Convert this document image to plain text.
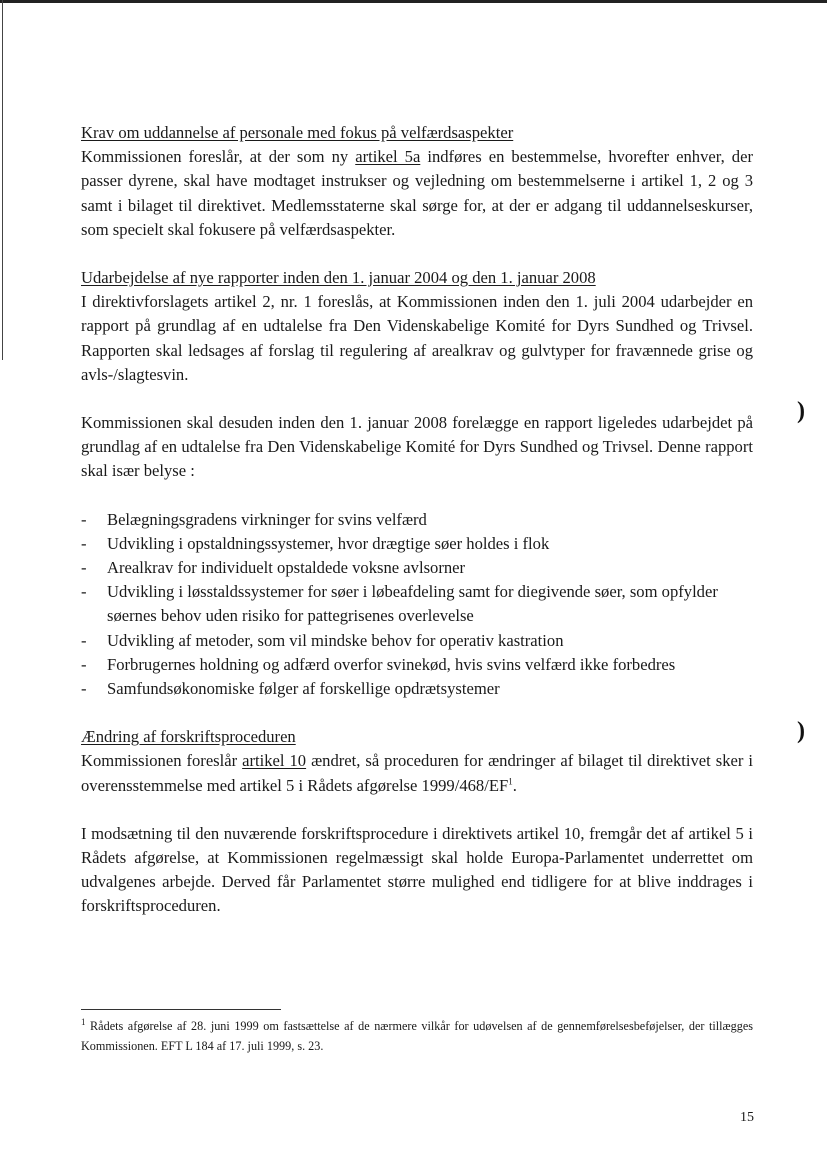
Krav om uddannelse af personale med fokus på velfærdsaspekter

Kommissionen foreslår, at der som ny artikel 5a indføres en bestemmelse, hvorefter enhver, der passer dyrene, skal have modtaget instrukser og vejledning om bestemmelserne i artikel 1, 2 og 3 samt i bilaget til direktivet. Medlemsstaterne skal sørge for, at der er adgang til uddannelseskurser, som specielt skal fokusere på velfærdsaspekter.

Udarbejdelse af nye rapporter inden den 1. januar 2004 og den 1. januar 2008

I direktivforslagets artikel 2, nr. 1 foreslås, at Kommissionen inden den 1. juli 2004 udarbejder en rapport på grundlag af en udtalelse fra Den Videnskabelige Komité for Dyrs Sundhed og Trivsel. Rapporten skal ledsages af forslag til regulering af arealkrav og gulvtyper for fravænnede grise og avls-/slagtesvin.

Kommissionen skal desuden inden den 1. januar 2008 forelægge en rapport ligeledes udarbejdet på grundlag af en udtalelse fra Den Videnskabelige Komité for Dyrs Sundhed og Trivsel. Denne rapport skal især belyse :

- Belægningsgradens virkninger for svins velfærd
- Udvikling i opstaldningssystemer, hvor drægtige søer holdes i flok
- Arealkrav for individuelt opstaldede voksne avlsorner
- Udvikling i løsstaldssystemer for søer i løbeafdeling samt for diegivende søer, som opfylder søernes behov uden risiko for pattegrisenes overlevelse
- Udvikling af metoder, som vil mindske behov for operativ kastration
- Forbrugernes holdning og adfærd overfor svinekød, hvis svins velfærd ikke forbedres
- Samfundsøkonomiske følger af forskellige opdrætsystemer
Ændring af forskriftsproceduren

Kommissionen foreslår artikel 10 ændret, så proceduren for ændringer af bilaget til direktivet sker i overensstemmelse med artikel 5 i Rådets afgørelse $1999/468/EF^1$.

I modsætning til den nuværende forskriftsprocedure i direktivets artikel 10, fremgår det af artikel 5 i Rådets afgørelse, at Kommissionen regelmæssigt skal holde Europa-Parlamentet underrettet om udvalgenes arbejde. Derved får Parlamentet større mulighed end tidligere for at blive inddrages i forskriftsproceduren.

$^1$ Rådets afgørelse af 28. juni 1999 om fastsættelse af de nærmere vilkår for udøvelsen af de gennemførelsesbeføjelser, der tillægges Kommissionen. EFT L 184 af 17. juli 1999, s. 23.
15
)
)
